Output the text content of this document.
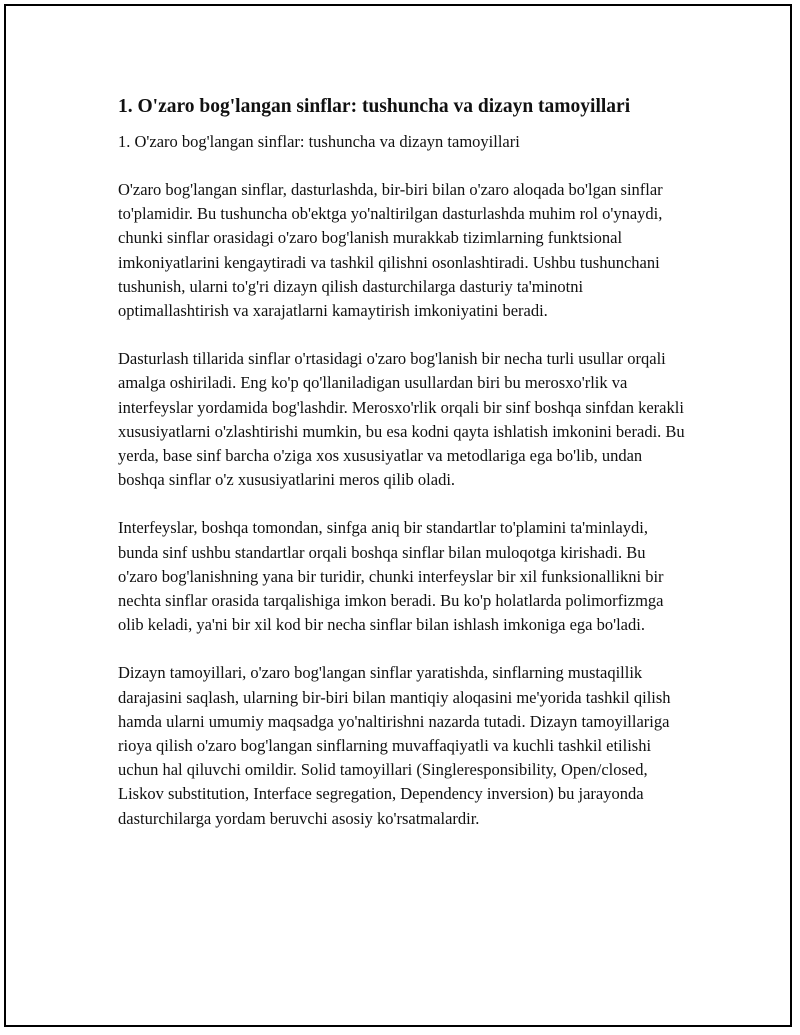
1. O'zaro bog'langan sinflar: tushuncha va dizayn tamoyillari

1. O'zaro bog'langan sinflar: tushuncha va dizayn tamoyillari

O'zaro bog'langan sinflar, dasturlashda, bir-biri bilan o'zaro aloqada bo'lgan sinflar to'plamidir. Bu tushuncha ob'ektga yo'naltirilgan dasturlashda muhim rol o'ynaydi, chunki sinflar orasidagi o'zaro bog'lanish murakkab tizimlarning funktsional imkoniyatlarini kengaytiradi va tashkil qilishni osonlashtiradi. Ushbu tushunchani tushunish, ularni to'g'ri dizayn qilish dasturchilarga dasturiy ta'minotni optimallashtirish va xarajatlarni kamaytirish imkoniyatini beradi.

Dasturlash tillarida sinflar o'rtasidagi o'zaro bog'lanish bir necha turli usullar orqali amalga oshiriladi. Eng ko'p qo'llaniladigan usullardan biri bu merosxo'rlik va interfeyslar yordamida bog'lashdir. Merosxo'rlik orqali bir sinf boshqa sinfdan kerakli xususiyatlarni o'zlashtirishi mumkin, bu esa kodni qayta ishlatish imkonini beradi. Bu yerda, base sinf barcha o'ziga xos xususiyatlar va metodlariga ega bo'lib, undan boshqa sinflar o'z xususiyatlarini meros qilib oladi.

Interfeyslar, boshqa tomondan, sinfga aniq bir standartlar to'plamini ta'minlaydi, bunda sinf ushbu standartlar orqali boshqa sinflar bilan muloqotga kirishadi. Bu o'zaro bog'lanishning yana bir turidir, chunki interfeyslar bir xil funksionallikni bir nechta sinflar orasida tarqalishiga imkon beradi. Bu ko'p holatlarda polimorfizmga olib keladi, ya'ni bir xil kod bir necha sinflar bilan ishlash imkoniga ega bo'ladi.

Dizayn tamoyillari, o'zaro bog'langan sinflar yaratishda, sinflarning mustaqillik darajasini saqlash, ularning bir-biri bilan mantiqiy aloqasini me'yorida tashkil qilish hamda ularni umumiy maqsadga yo'naltirishni nazarda tutadi. Dizayn tamoyillariga rioya qilish o'zaro bog'langan sinflarning muvaffaqiyatli va kuchli tashkil etilishi uchun hal qiluvchi omildir. Solid tamoyillari (Singleresponsibility, Open/closed, Liskov substitution, Interface segregation, Dependency inversion) bu jarayonda dasturchilarga yordam beruvchi asosiy ko'rsatmalardir.
